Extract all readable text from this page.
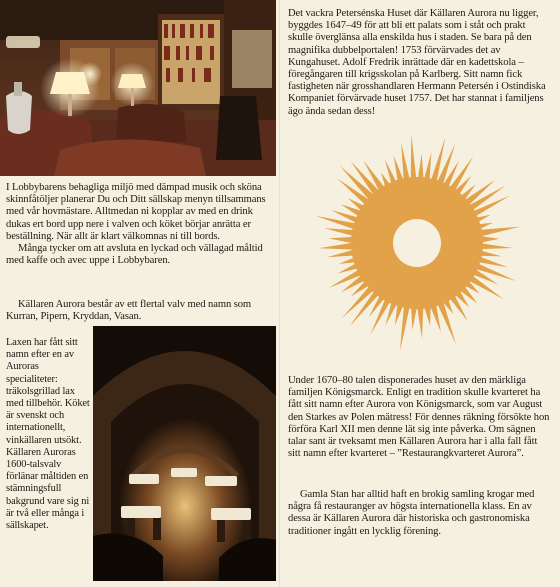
I Lobbybarens behagliga miljö med dämpad musik och sköna skinnfåtöljer planerar Du och Ditt sällskap menyn tillsammans med vår hovmästare. Alltmedan ni kopplar av med en drink dukas ert bord upp nere i valven och köket börjar anrätta er beställning. När allt är klart välkomnas ni till bords.

Många tycker om att avsluta en lyckad och vällagad måltid med kaffe och avec uppe i Lobbybaren.

Källaren Aurora består av ett flertal valv med namn som Kurran, Pipern, Kryddan, Vasan.

Laxen har fått sitt namn efter en av Auroras specialiteter: träkolsgrillad lax med tillbehör. Köket är svenskt och internationellt, vinkällaren utsökt. Källaren Auroras 1600-talsvalv förlänar måltiden en stämningsfull bakgrund vare sig ni är två eller många i sällskapet.

Det vackra Petersénska Huset där Källaren Aurora nu ligger, byggdes 1647–49 för att bli ett palats som i ståt och prakt skulle överglänsa alla enskilda hus i staden. Se bara på den magnifika dubbelportalen! 1753 förvärvades det av Kungahuset. Adolf Fredrik inrättade där en kadettskola – föregångaren till krigsskolan på Karlberg. Sitt namn fick fastigheten när grosshandlaren Hermann Petersén i Ostindiska Kompaniet förvärvade huset 1757. Det har stannat i familjens ägo ända sedan dess!

Under 1670–80 talen disponerades huset av den märkliga familjen Königsmarck. Enligt en tradition skulle kvarteret ha fått sitt namn efter Aurora von Königsmarck, som var August den Starkes av Polen mätress! För dennes räkning försökte hon förföra Karl XII men denne lät sig inte påverka. Om sägnen talar sant är tveksamt men Källaren Aurora har i alla fall fått sitt namn efter kvarteret – ”Restaurangkvarteret Aurora”.

Gamla Stan har alltid haft en brokig samling krogar med några få restauranger av högsta internationella klass. En av dessa är Källaren Aurora där historiska och gastronomiska traditioner ingått en lycklig förening.
